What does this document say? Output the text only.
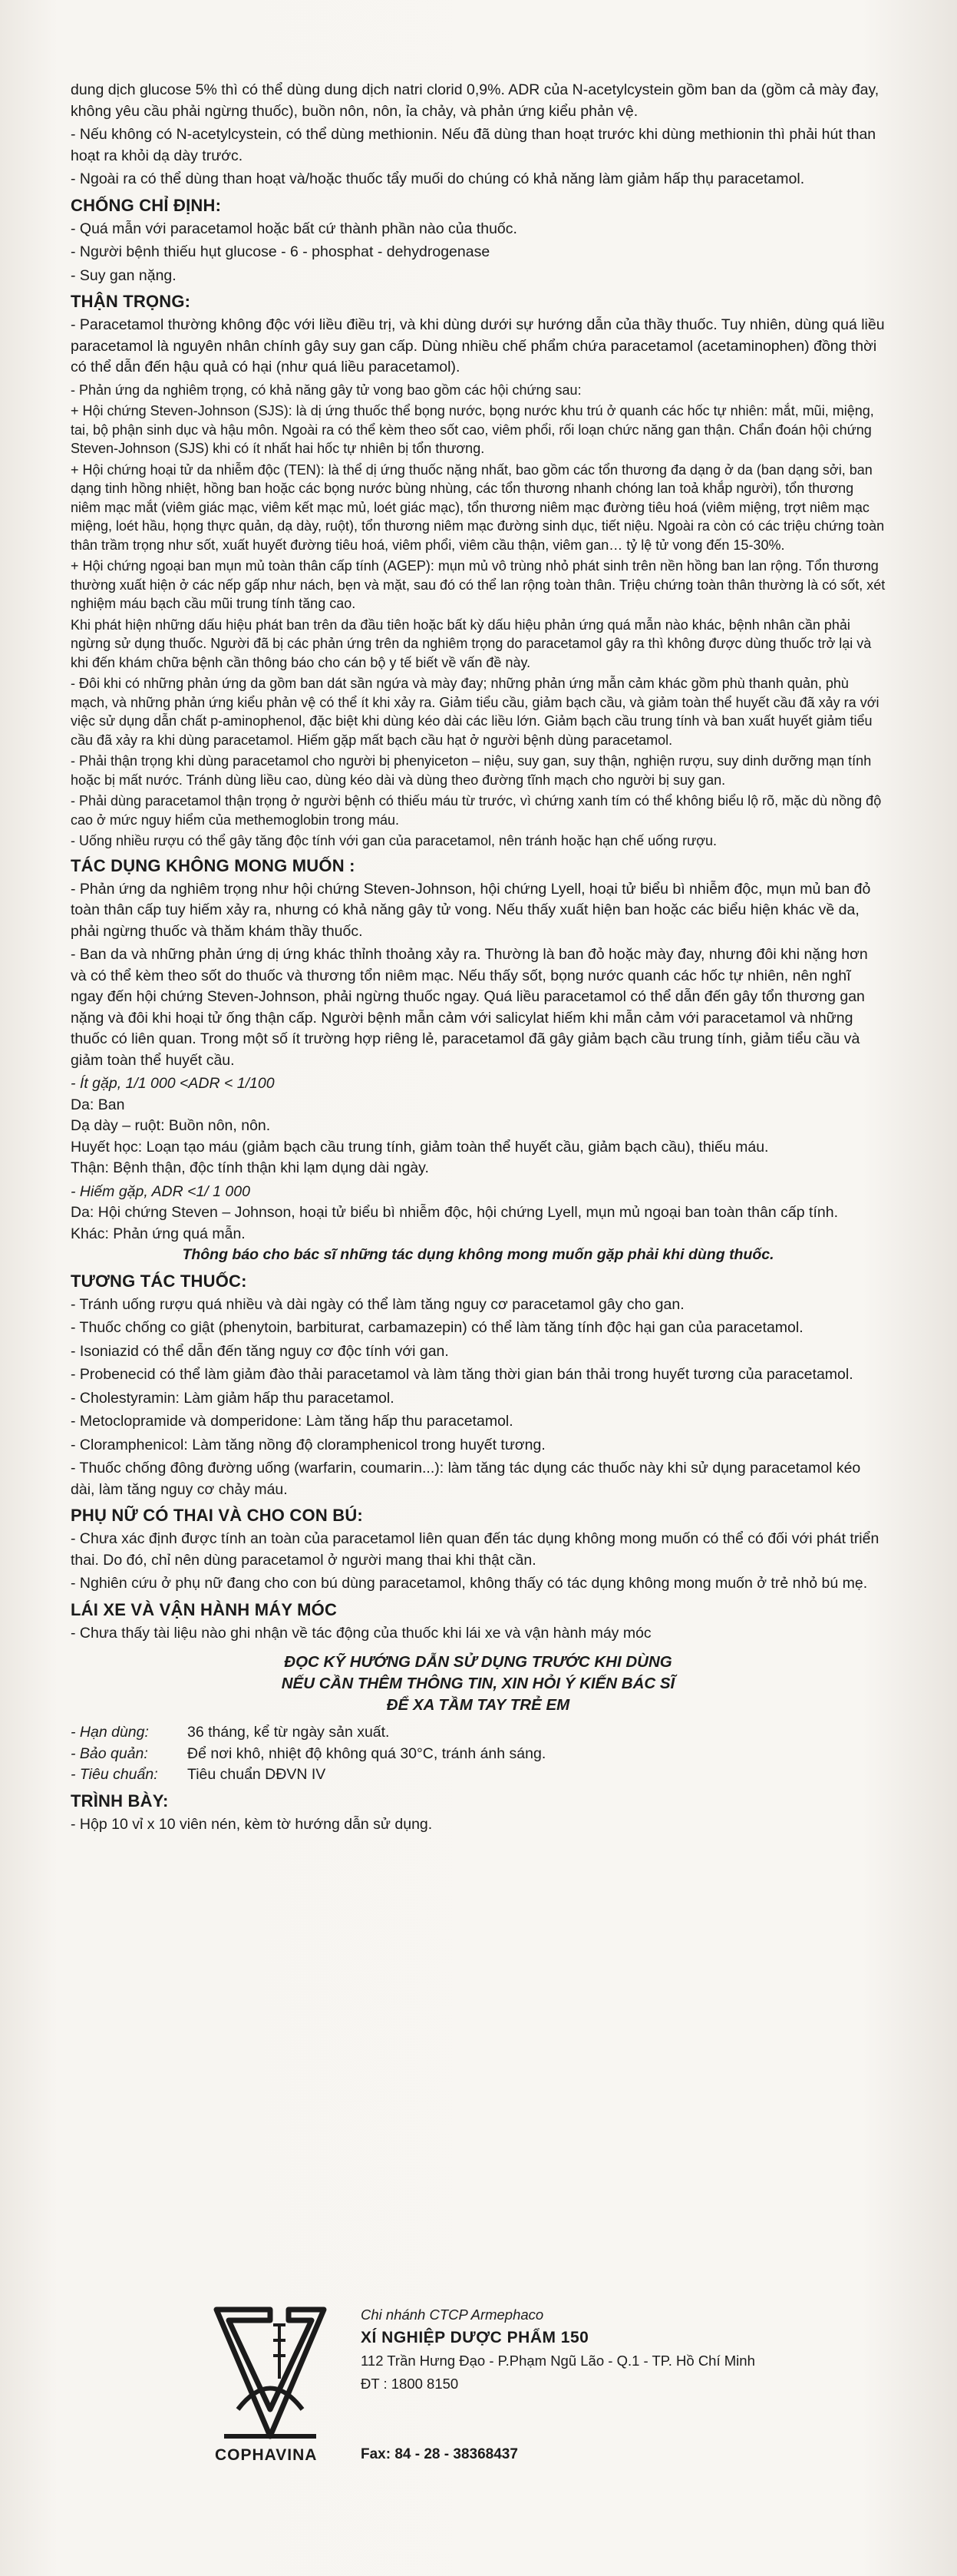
dung dịch glucose 5% thì có thể dùng dung dịch natri clorid 0,9%. ADR của N-acetylcystein gồm ban da (gồm cả mày đay, không yêu cầu phải ngừng thuốc), buồn nôn, nôn, ỉa chảy, và phản ứng kiểu phản vệ.

- Nếu không có N-acetylcystein, có thể dùng methionin. Nếu đã dùng than hoạt trước khi dùng methionin thì phải hút than hoạt ra khỏi dạ dày trước.

- Ngoài ra có thể dùng than hoạt và/hoặc thuốc tẩy muối do chúng có khả năng làm giảm hấp thụ paracetamol.

CHỐNG CHỈ ĐỊNH:

- Quá mẫn với paracetamol hoặc bất cứ thành phần nào của thuốc.

- Người bệnh thiếu hụt glucose - 6 - phosphat - dehydrogenase

- Suy gan nặng.

THẬN TRỌNG:

- Paracetamol thường không độc với liều điều trị, và khi dùng dưới sự hướng dẫn của thầy thuốc. Tuy nhiên, dùng quá liều paracetamol là nguyên nhân chính gây suy gan cấp. Dùng nhiều chế phẩm chứa paracetamol (acetaminophen) đồng thời có thể dẫn đến hậu quả có hại (như quá liều paracetamol).

- Phản ứng da nghiêm trọng, có khả năng gây tử vong bao gồm các hội chứng sau:

+ Hội chứng Steven-Johnson (SJS): là dị ứng thuốc thể bọng nước, bọng nước khu trú ở quanh các hốc tự nhiên: mắt, mũi, miệng, tai, bộ phận sinh dục và hậu môn. Ngoài ra có thể kèm theo sốt cao, viêm phổi, rối loạn chức năng gan thận. Chẩn đoán hội chứng Steven-Johnson (SJS) khi có ít nhất hai hốc tự nhiên bị tổn thương.

+ Hội chứng hoại tử da nhiễm độc (TEN): là thể dị ứng thuốc nặng nhất, bao gồm các tổn thương đa dạng ở da (ban dạng sởi, ban dạng tinh hồng nhiệt, hồng ban hoặc các bọng nước bùng nhùng, các tổn thương nhanh chóng lan toả khắp người), tổn thương niêm mạc mắt (viêm giác mạc, viêm kết mạc mủ, loét giác mạc), tổn thương niêm mạc đường tiêu hoá (viêm miệng, trợt niêm mạc miệng, loét hầu, họng thực quản, dạ dày, ruột), tổn thương niêm mạc đường sinh dục, tiết niệu. Ngoài ra còn có các triệu chứng toàn thân trầm trọng như sốt, xuất huyết đường tiêu hoá, viêm phổi, viêm cầu thận, viêm gan… tỷ lệ tử vong đến 15-30%.

+ Hội chứng ngoại ban mụn mủ toàn thân cấp tính (AGEP): mụn mủ vô trùng nhỏ phát sinh trên nền hồng ban lan rộng. Tổn thương thường xuất hiện ở các nếp gấp như nách, bẹn và mặt, sau đó có thể lan rộng toàn thân. Triệu chứng toàn thân thường là có sốt, xét nghiệm máu bạch cầu mũi trung tính tăng cao.

Khi phát hiện những dấu hiệu phát ban trên da đầu tiên hoặc bất kỳ dấu hiệu phản ứng quá mẫn nào khác, bệnh nhân cần phải ngừng sử dụng thuốc. Người đã bị các phản ứng trên da nghiêm trọng do paracetamol gây ra thì không được dùng thuốc trở lại và khi đến khám chữa bệnh cần thông báo cho cán bộ y tế biết về vấn đề này.

- Đôi khi có những phản ứng da gồm ban dát sần ngứa và mày đay; những phản ứng mẫn cảm khác gồm phù thanh quản, phù mạch, và những phản ứng kiểu phản vệ có thể ít khi xảy ra. Giảm tiểu cầu, giảm bạch cầu, và giảm toàn thể huyết cầu đã xảy ra với việc sử dụng dẫn chất p-aminophenol, đặc biệt khi dùng kéo dài các liều lớn. Giảm bạch cầu trung tính và ban xuất huyết giảm tiểu cầu đã xảy ra khi dùng paracetamol. Hiếm gặp mất bạch cầu hạt ở người bệnh dùng paracetamol.

- Phải thận trọng khi dùng paracetamol cho người bị phenyiceton – niệu, suy gan, suy thận, nghiện rượu, suy dinh dưỡng mạn tính hoặc bị mất nước. Tránh dùng liều cao, dùng kéo dài và dùng theo đường tĩnh mạch cho người bị suy gan.

- Phải dùng paracetamol thận trọng ở người bệnh có thiếu máu từ trước, vì chứng xanh tím có thể không biểu lộ rõ, mặc dù nồng độ cao ở mức nguy hiểm của methemoglobin trong máu.

- Uống nhiều rượu có thể gây tăng độc tính với gan của paracetamol, nên tránh hoặc hạn chế uống rượu.

TÁC DỤNG KHÔNG MONG MUỐN :

- Phản ứng da nghiêm trọng như hội chứng Steven-Johnson, hội chứng Lyell, hoại tử biểu bì nhiễm độc, mụn mủ ban đỏ toàn thân cấp tuy hiếm xảy ra, nhưng có khả năng gây tử vong. Nếu thấy xuất hiện ban hoặc các biểu hiện khác về da, phải ngừng thuốc và thăm khám thầy thuốc.

- Ban da và những phản ứng dị ứng khác thỉnh thoảng xảy ra. Thường là ban đỏ hoặc mày đay, nhưng đôi khi nặng hơn và có thể kèm theo sốt do thuốc và thương tổn niêm mạc. Nếu thấy sốt, bọng nước quanh các hốc tự nhiên, nên nghĩ ngay đến hội chứng Steven-Johnson, phải ngừng thuốc ngay. Quá liều paracetamol có thể dẫn đến gây tổn thương gan nặng và đôi khi hoại tử ống thận cấp. Người bệnh mẫn cảm với salicylat hiếm khi mẫn cảm với paracetamol và những thuốc có liên quan. Trong một số ít trường hợp riêng lẻ, paracetamol đã gây giảm bạch cầu trung tính, giảm tiểu cầu và giảm toàn thể huyết cầu.

- Ít gặp, 1/1 000 <ADR < 1/100

Da: Ban

Dạ dày – ruột: Buồn nôn, nôn.

Huyết học: Loạn tạo máu (giảm bạch cầu trung tính, giảm toàn thể huyết cầu, giảm bạch cầu), thiếu máu.

Thận: Bệnh thận, độc tính thận khi lạm dụng dài ngày.

- Hiếm gặp, ADR <1/ 1 000

Da: Hội chứng Steven – Johnson, hoại tử biểu bì nhiễm độc, hội chứng Lyell, mụn mủ ngoại ban toàn thân cấp tính.

Khác: Phản ứng quá mẫn.

Thông báo cho bác sĩ những tác dụng không mong muốn gặp phải khi dùng thuốc.

TƯƠNG TÁC THUỐC:

- Tránh uống rượu quá nhiều và dài ngày có thể làm tăng nguy cơ paracetamol gây cho gan.

- Thuốc chống co giật (phenytoin, barbiturat, carbamazepin) có thể làm tăng tính độc hại gan của paracetamol.

- Isoniazid có thể dẫn đến tăng nguy cơ độc tính với gan.

- Probenecid có thể làm giảm đào thải paracetamol và làm tăng thời gian bán thải trong huyết tương của paracetamol.

- Cholestyramin: Làm giảm hấp thu paracetamol.

- Metoclopramide và domperidone: Làm tăng hấp thu paracetamol.

- Cloramphenicol: Làm tăng nồng độ cloramphenicol trong huyết tương.

- Thuốc chống đông đường uống (warfarin, coumarin...): làm tăng tác dụng các thuốc này khi sử dụng paracetamol kéo dài, làm tăng nguy cơ chảy máu.

PHỤ NỮ CÓ THAI VÀ CHO CON BÚ:

- Chưa xác định được tính an toàn của paracetamol liên quan đến tác dụng không mong muốn có thể có đối với phát triển thai. Do đó, chỉ nên dùng paracetamol ở người mang thai khi thật cần.

- Nghiên cứu ở phụ nữ đang cho con bú dùng paracetamol, không thấy có tác dụng không mong muốn ở trẻ nhỏ bú mẹ.

LÁI XE VÀ VẬN HÀNH MÁY MÓC

- Chưa thấy tài liệu nào ghi nhận về tác động của thuốc khi lái xe và vận hành máy móc

ĐỌC KỸ HƯỚNG DẪN SỬ DỤNG TRƯỚC KHI DÙNG
NẾU CẦN THÊM THÔNG TIN, XIN HỎI Ý KIẾN BÁC SĨ
ĐỂ XA TẦM TAY TRẺ EM
- Hạn dùng:	36 tháng, kể từ ngày sản xuất.
- Bảo quản:	Để nơi khô, nhiệt độ không quá 30°C, tránh ánh sáng.
- Tiêu chuẩn:	Tiêu chuẩn DĐVN IV
TRÌNH BÀY:

- Hộp 10 vỉ x 10 viên nén, kèm tờ hướng dẫn sử dụng.

COPHAVINA
Chi nhánh CTCP Armephaco
XÍ NGHIỆP DƯỢC PHẨM 150
112 Trần Hưng Đạo - P.Phạm Ngũ Lão - Q.1 - TP. Hồ Chí Minh
ĐT : 1800 8150
Fax: 84 - 28 - 38368437
